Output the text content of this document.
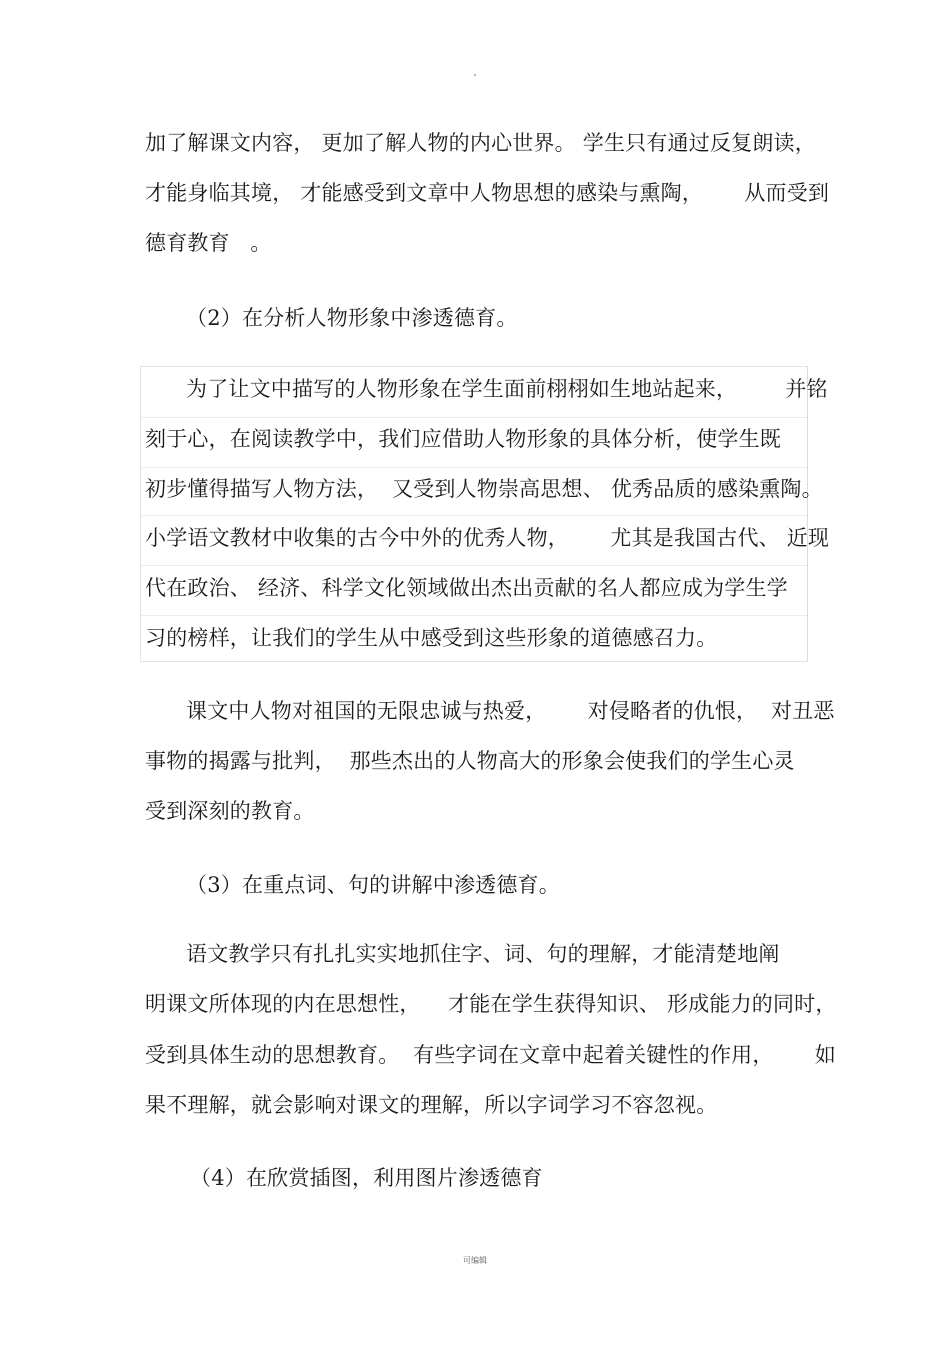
加了解课文内容， 更加了解人物的内心世界。 学生只有通过反复朗读，
才能身临其境， 才能感受到文章中人物思想的感染与熏陶，      从而受到
德育教育   。
（2）在分析人物形象中渗透德育。
为了让文中描写的人物形象在学生面前栩栩如生地站起来，       并铭
刻于心，在阅读教学中，我们应借助人物形象的具体分析，使学生既
初步懂得描写人物方法，  又受到人物崇高思想、 优秀品质的感染熏陶。
小学语文教材中收集的古今中外的优秀人物，      尤其是我国古代、 近现
代在政治、 经济、科学文化领域做出杰出贡献的名人都应成为学生学
习的榜样，让我们的学生从中感受到这些形象的道德感召力。
课文中人物对祖国的无限忠诚与热爱，      对侵略者的仇恨，  对丑恶
事物的揭露与批判，  那些杰出的人物高大的形象会使我们的学生心灵
受到深刻的教育。
（3）在重点词、句的讲解中渗透德育。
语文教学只有扎扎实实地抓住字、词、句的理解，才能清楚地阐
明课文所体现的内在思想性，    才能在学生获得知识、 形成能力的同时，
受到具体生动的思想教育。  有些字词在文章中起着关键性的作用，      如
果不理解，就会影响对课文的理解，所以字词学习不容忽视。
（4）在欣赏插图，利用图片渗透德育
可编辑
